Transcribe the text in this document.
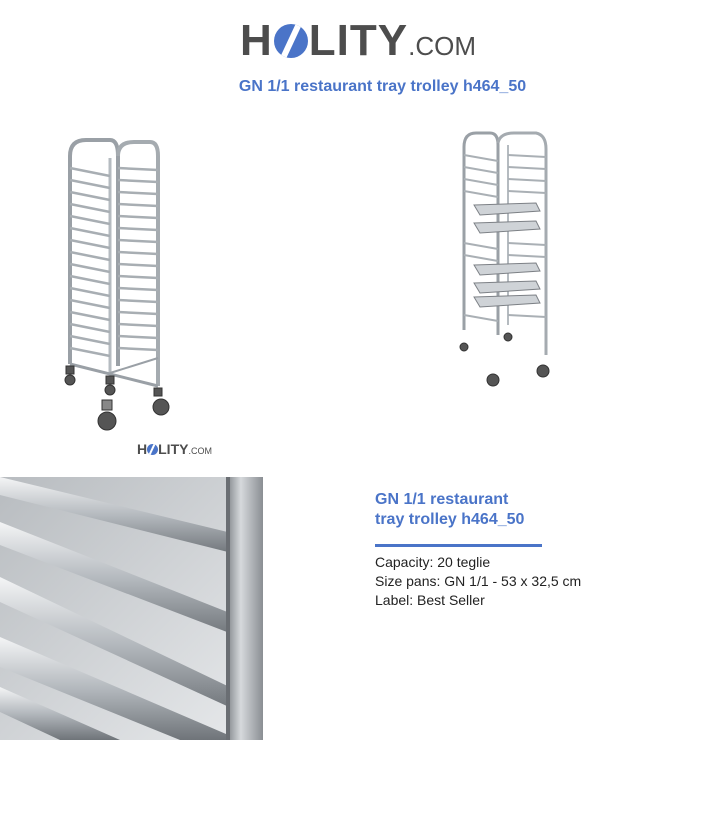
H LITY.COM
GN 1/1 restaurant tray trolley h464_50
H LITY.COM
GN 1/1 restaurant
tray trolley h464_50
Capacity: 20 teglie
Size pans: GN 1/1 - 53 x 32,5 cm
Label: Best Seller
